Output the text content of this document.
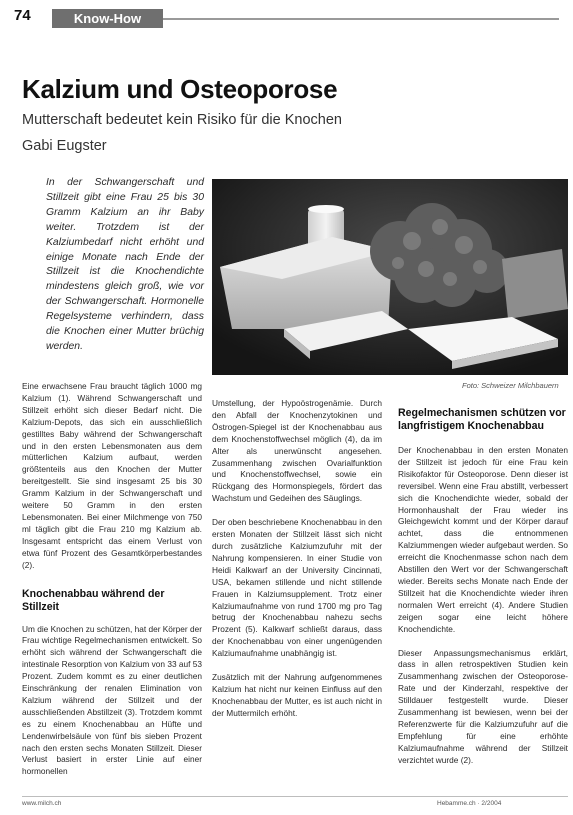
74	Know-How
Kalzium und Osteoporose
Mutterschaft bedeutet kein Risiko für die Knochen
Gabi Eugster

In der Schwangerschaft und Stillzeit gibt eine Frau 25 bis 30 Gramm Kalzium an ihr Baby weiter. Trotzdem ist der Kalziumbedarf nicht erhöht und einige Monate nach Ende der Stillzeit ist die Knochendichte mindestens gleich groß, wie vor der Schwangerschaft. Hormonelle Regelsysteme verhindern, dass die Knochen einer Mutter brüchig werden.

Foto: Schweizer Milchbauern

Eine erwachsene Frau braucht täglich 1000 mg Kalzium (1). Während Schwangerschaft und Stillzeit erhöht sich dieser Bedarf nicht. Die Kalzium-Depots, das sich ein ausschließlich gestilltes Baby während der Schwangerschaft und in den ersten Lebensmonaten aus dem mütterlichen Kalzium aufbaut, werden größtenteils aus den Knochen der Mutter bereitgestellt. Sie sind insgesamt 25 bis 30 Gramm Kalzium in der Schwangerschaft und weitere 50 Gramm in den ersten Lebensmonaten. Bei einer Milchmenge von 750 ml täglich gibt die Frau 210 mg Kalzium ab. Insgesamt entspricht das einem Verlust von etwa fünf Prozent des Gesamtkörperbestandes (2).

Knochenabbau während der Stillzeit

Um die Knochen zu schützen, hat der Körper der Frau wichtige Regelmechanismen entwickelt. So erhöht sich während der Schwangerschaft die intestinale Resorption von Kalzium von 33 auf 53 Prozent. Zudem kommt es zu einer deutlichen Einschränkung der renalen Elimination von Kalzium während der Stillzeit und der ausschließenden Abstillzeit (3). Trotzdem kommt es zu einem Knochenabbau an Hüfte und Lendenwirbelsäule von fünf bis sieben Prozent nach den ersten sechs Monaten Stillzeit. Dieser Verlust basiert in erster Linie auf einer hormonellen

Umstellung, der Hypoöstrogenämie. Durch den Abfall der Knochenzytokinen und Östrogen-Spiegel ist der Knochenabbau aus dem Knochenstoffwechsel möglich (4), da im Alter als unerwünscht angesehen. Zusammenhang zwischen Ovarialfunktion und Knochenstoffwechsel, sowie ein Rückgang des Hormonspiegels, fördert das Wachstum und Gedeihen des Säuglings.

Der oben beschriebene Knochenabbau in den ersten Monaten der Stillzeit lässt sich nicht durch zusätzliche Kalziumzufuhr mit der Nahrung kompensieren. In einer Studie von Heidi Kalkwarf an der University Cincinnati, USA, bekamen stillende und nicht stillende Frauen in Kalziumsupplement. Trotz einer Kalziumaufnahme von rund 1700 mg pro Tag betrug der Knochenabbau nahezu sechs Prozent (5). Kalkwarf schließt daraus, dass der Knochenabbau von einer ungenügenden Kalziumaufnahme unabhängig ist.

Zusätzlich mit der Nahrung aufgenommenes Kalzium hat nicht nur keinen Einfluss auf den Knochenabbau der Mutter, es ist auch nicht in der Muttermilch erhöht.

Regelmechanismen schützen vor langfristigem Knochenabbau

Der Knochenabbau in den ersten Monaten der Stillzeit ist jedoch für eine Frau kein Risikofaktor für Osteoporose. Denn dieser ist reversibel. Wenn eine Frau abstillt, verbessert sich die Knochendichte wieder, sobald der Hormonhaushalt der Frau wieder ins Gleichgewicht kommt und der Körper darauf achtet, dass die entnommenen Kalziummengen wieder aufgebaut werden. So erreicht die Knochenmasse schon nach dem Abstillen den Wert vor der Schwangerschaft wieder. Bereits sechs Monate nach Ende der Stillzeit hat die Knochendichte wieder ihren normalen Wert erreicht (4). Andere Studien zeigen sogar eine leicht höhere Knochendichte.

Dieser Anpassungsmechanismus erklärt, dass in allen retrospektiven Studien kein Zusammenhang zwischen der Osteoporose-Rate und der Kinderzahl, respektive der Stilldauer festgestellt wurde. Dieser Zusammenhang ist bewiesen, wenn bei der Referenzwerte für die Kalziumzufuhr auf die Empfehlung für eine erhöhte Kalziumaufnahme während der Stillzeit verzichtet wurde (2).

www.milch.ch	Hebamme.ch · 2/2004
